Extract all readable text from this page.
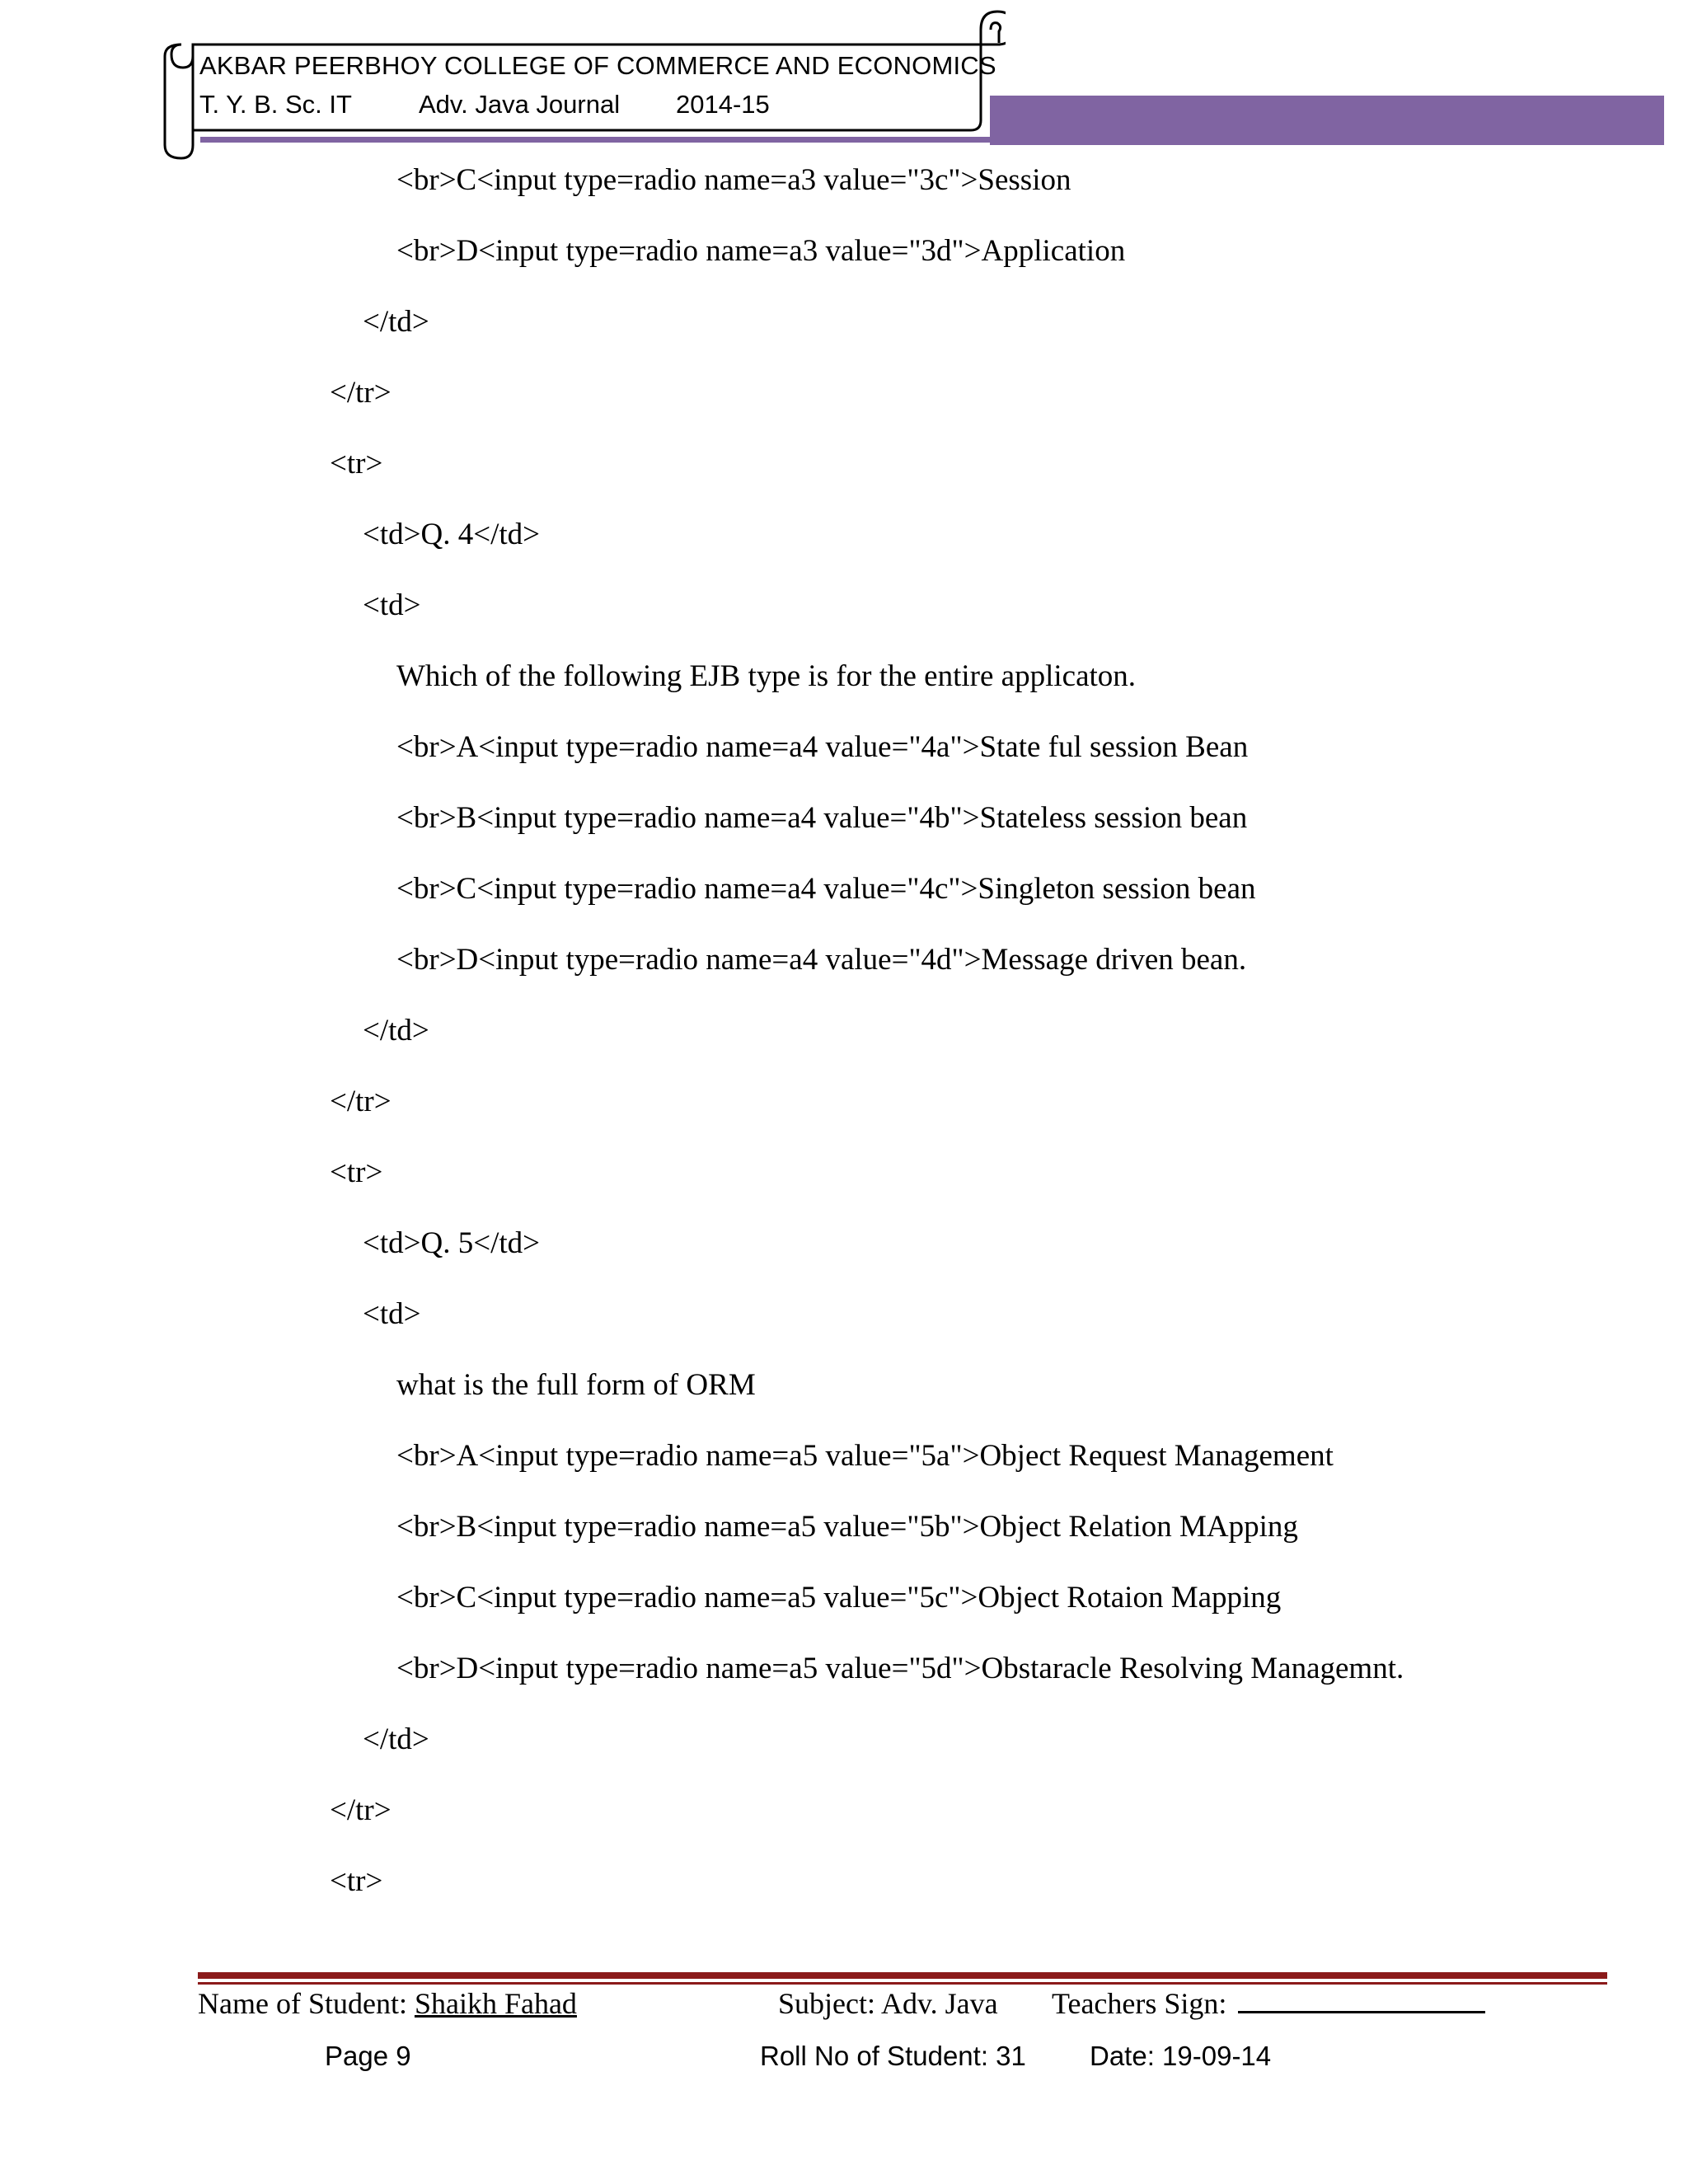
AKBAR PEERBHOY COLLEGE OF COMMERCE AND ECONOMICS
T. Y. B. Sc. IT	Adv. Java Journal 2014-15
<br>C<input type=radio name=a3 value="3c">Session
<br>D<input type=radio name=a3 value="3d">Application
</td>
</tr>
<tr>
<td>Q. 4</td>
<td>
Which of the following EJB type is for the entire applicaton.
<br>A<input type=radio name=a4 value="4a">State ful session Bean
<br>B<input type=radio name=a4 value="4b">Stateless session bean
<br>C<input type=radio name=a4 value="4c">Singleton session bean
<br>D<input type=radio name=a4 value="4d">Message driven bean.
</td>
</tr>
<tr>
<td>Q. 5</td>
<td>
what is the full form of ORM
<br>A<input type=radio name=a5 value="5a">Object Request Management
<br>B<input type=radio name=a5 value="5b">Object Relation MApping
<br>C<input type=radio name=a5 value="5c">Object Rotaion Mapping
<br>D<input type=radio name=a5 value="5d">Obstaracle Resolving Managemnt.
</td>
</tr>
<tr>
Name of Student: Shaikh Fahad	Subject: Adv. Java Teachers Sign:
Page 9	Roll No of Student: 31 Date: 19-09-14
